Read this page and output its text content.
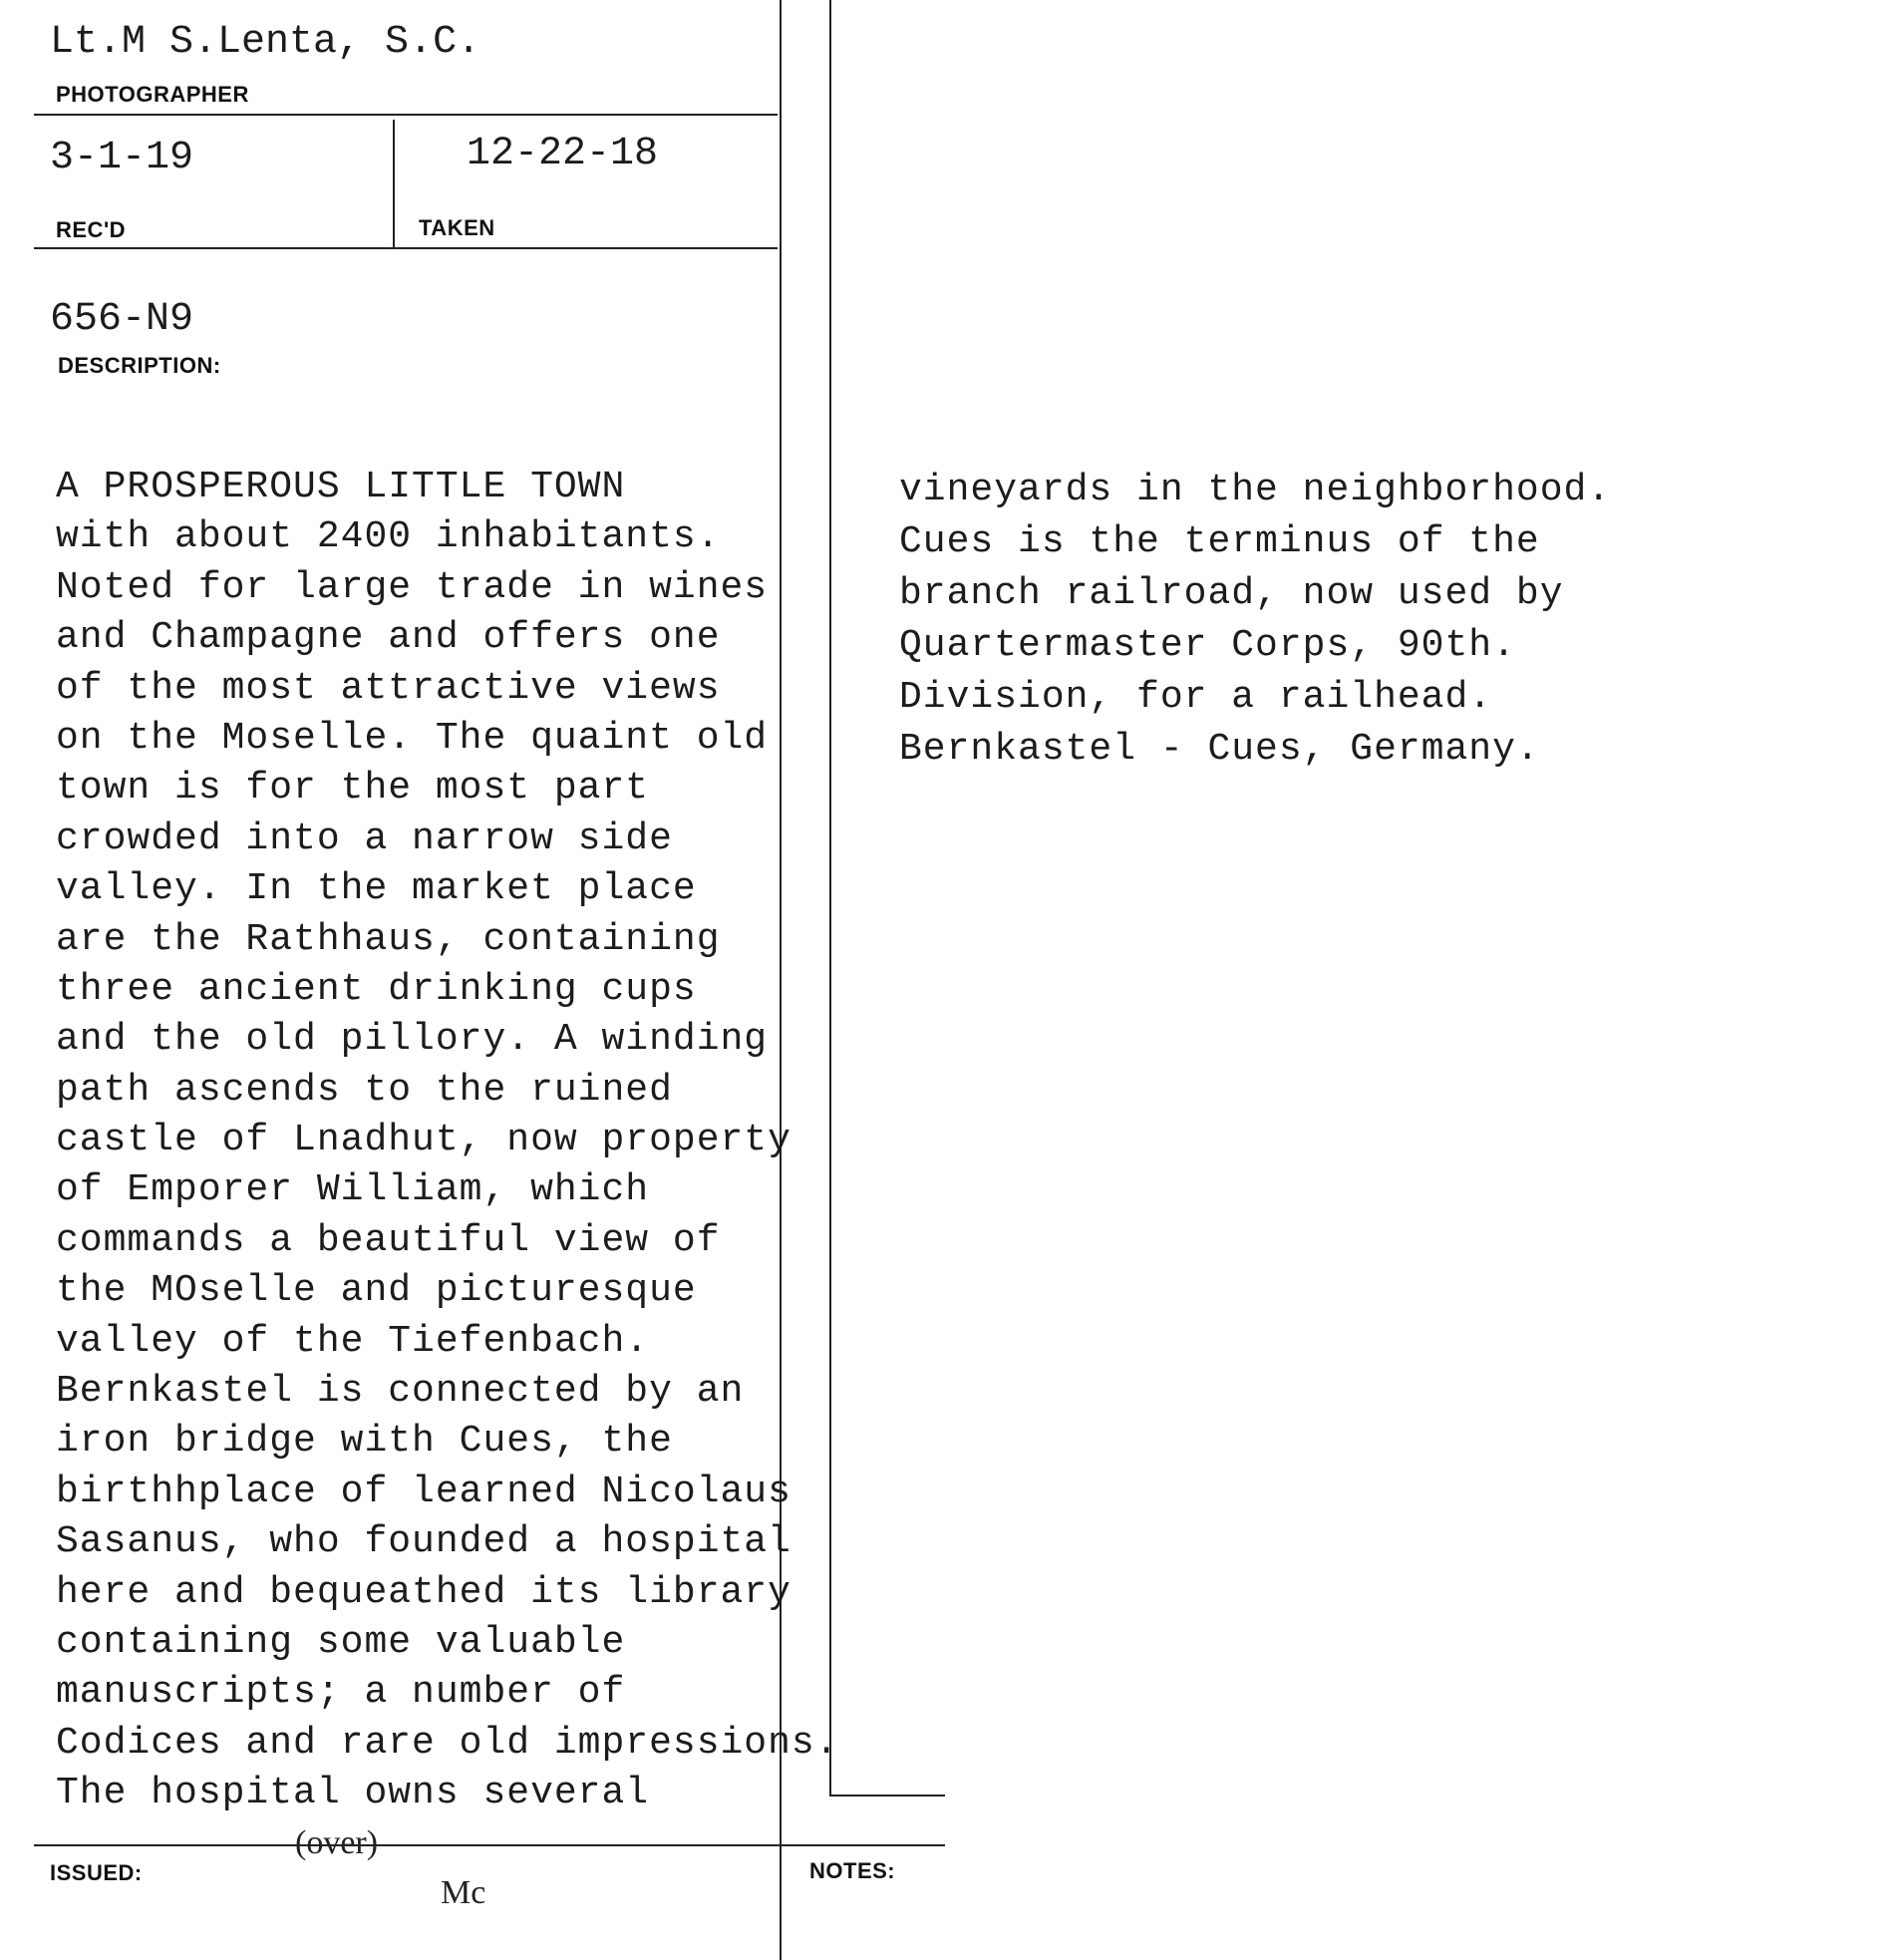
Lt.M S.Lenta, S.C.
PHOTOGRAPHER
3-1-19
REC'D
12-22-18
TAKEN
656-N9
DESCRIPTION:
A PROSPEROUS LITTLE TOWN
with about 2400 inhabitants.
Noted for large trade in wines
and Champagne and offers one
of the most attractive views
on the Moselle. The quaint old
town is for the most part
crowded into a narrow side
valley. In the market place
are the Rathhaus, containing
three ancient drinking cups
and the old pillory. A winding
path ascends to the ruined
castle of Lnadhut, now property
of Emporer William, which
commands a beautiful view of
the MOselle and picturesque
valley of the Tiefenbach.
Bernkastel is connected by an
iron bridge with Cues, the
birthhplace of learned Nicolaus
Sasanus, who founded a hospital
here and bequeathed its library
containing some valuable
manuscripts; a number of
Codices and rare old impressions.
The hospital owns several
vineyards in the neighborhood.
Cues is the terminus of the
branch railroad, now used by
Quartermaster Corps, 90th.
Division, for a railhead.
Bernkastel - Cues, Germany.
(over)
ISSUED:
Mc
NOTES:
